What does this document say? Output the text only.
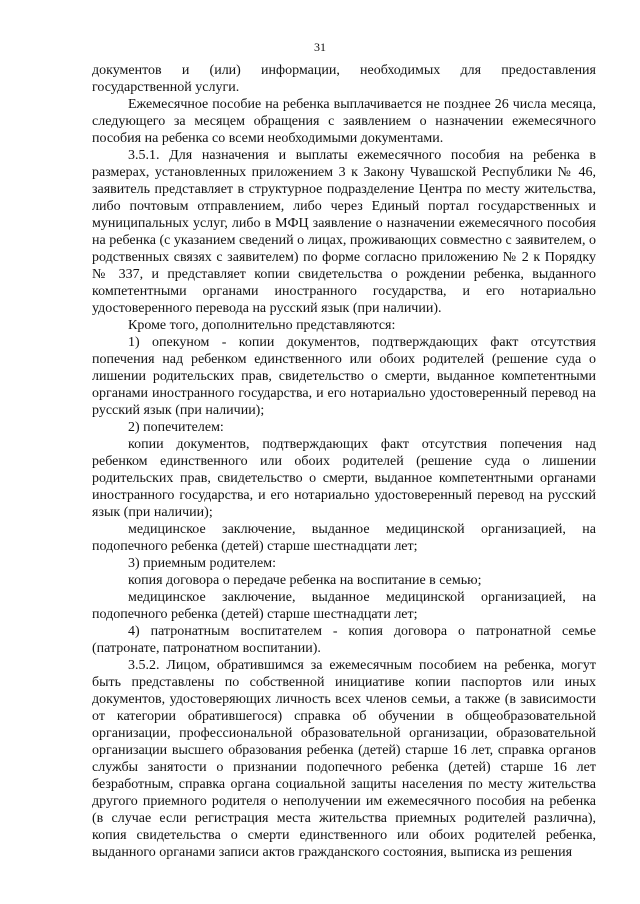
31

документов и (или) информации, необходимых для предоставления государственной услуги.

Ежемесячное пособие на ребенка выплачивается не позднее 26 числа месяца, следующего за месяцем обращения с заявлением о назначении ежемесячного пособия на ребенка со всеми необходимыми документами.

3.5.1. Для назначения и выплаты ежемесячного пособия на ребенка в размерах, установленных приложением 3 к Закону Чувашской Республики № 46, заявитель представляет в структурное подразделение Центра по месту жительства, либо почтовым отправлением, либо через Единый портал государственных и муниципальных услуг, либо в МФЦ заявление о назначении ежемесячного пособия на ребенка (с указанием сведений о лицах, проживающих совместно с заявителем, о родственных связях с заявителем) по форме согласно приложению № 2 к Порядку № 337, и представляет копии свидетельства о рождении ребенка, выданного компетентными органами иностранного государства, и его нотариально удостоверенного перевода на русский язык (при наличии).

Кроме того, дополнительно представляются:

1) опекуном - копии документов, подтверждающих факт отсутствия попечения над ребенком единственного или обоих родителей (решение суда о лишении родительских прав, свидетельство о смерти, выданное компетентными органами иностранного государства, и его нотариально удостоверенный перевод на русский язык (при наличии);

2) попечителем:

копии документов, подтверждающих факт отсутствия попечения над ребенком единственного или обоих родителей (решение суда о лишении родительских прав, свидетельство о смерти, выданное компетентными органами иностранного государства, и его нотариально удостоверенный перевод на русский язык (при наличии);

медицинское заключение, выданное медицинской организацией, на подопечного ребенка (детей) старше шестнадцати лет;

3) приемным родителем:

копия договора о передаче ребенка на воспитание в семью;

медицинское заключение, выданное медицинской организацией, на подопечного ребенка (детей) старше шестнадцати лет;

4) патронатным воспитателем - копия договора о патронатной семье (патронате, патронатном воспитании).

3.5.2. Лицом, обратившимся за ежемесячным пособием на ребенка, могут быть представлены по собственной инициативе копии паспортов или иных документов, удостоверяющих личность всех членов семьи, а также (в зависимости от категории обратившегося) справка об обучении в общеобразовательной организации, профессиональной образовательной организации, образовательной организации высшего образования ребенка (детей) старше 16 лет, справка органов службы занятости о признании подопечного ребенка (детей) старше 16 лет безработным, справка органа социальной защиты населения по месту жительства другого приемного родителя о неполучении им ежемесячного пособия на ребенка (в случае если регистрация места жительства приемных родителей различна), копия свидетельства о смерти единственного или обоих родителей ребенка, выданного органами записи актов гражданского состояния, выписка из решения
